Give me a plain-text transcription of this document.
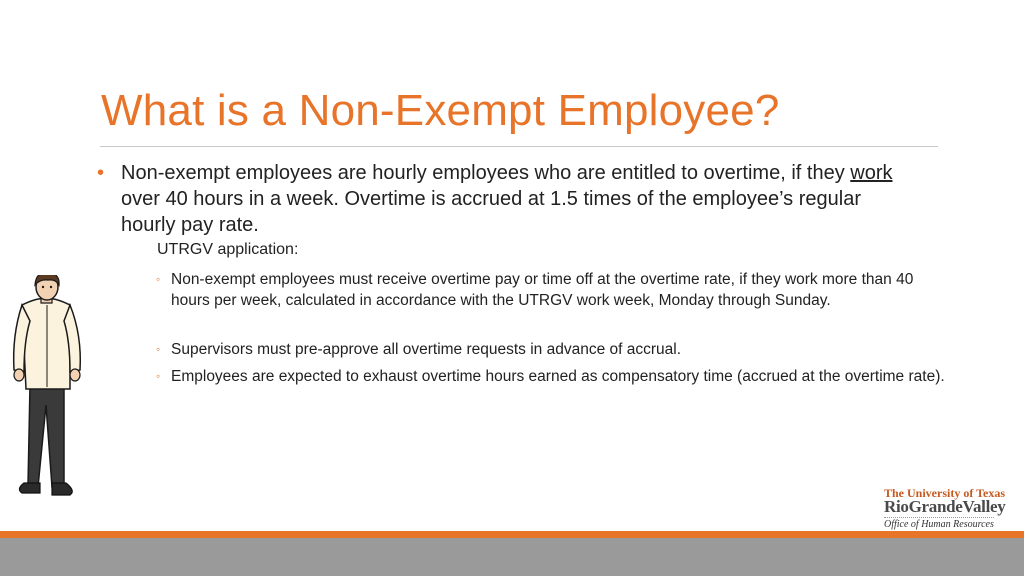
What is a Non-Exempt Employee?
• Non-exempt employees are hourly employees who are entitled to overtime, if they work over 40 hours in a week. Overtime is accrued at 1.5 times of the employee’s regular hourly pay rate.
UTRGV application:
◦ Non-exempt employees must receive overtime pay or time off at the overtime rate, if they work more than 40 hours per week, calculated in accordance with the UTRGV work week, Monday through Sunday.
◦ Supervisors must pre-approve all overtime requests in advance of accrual.
◦ Employees are expected to exhaust overtime hours earned as compensatory time (accrued at the overtime rate).
The University of Texas
RioGrandeValley
Office of Human Resources
